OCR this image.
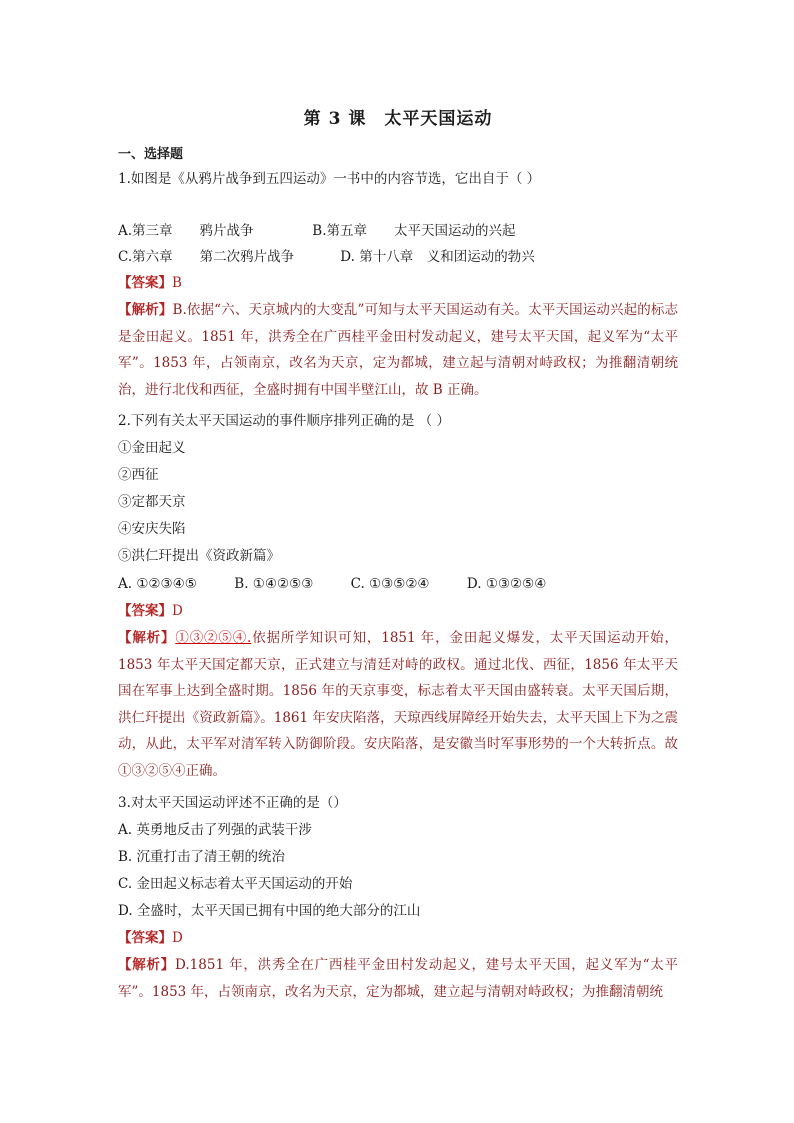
第 3 课　太平天国运动
一、选择题
1.如图是《从鸦片战争到五四运动》一书中的内容节选，它出自于（ ）
A.第三章　　鸦片战争	B.第五章　　太平天国运动的兴起
C.第六章　　第二次鸦片战争	D. 第十八章　义和团运动的勃兴
【答案】B
【解析】B.依据“六、天京城内的大变乱”可知与太平天国运动有关。太平天国运动兴起的标志是金田起义。1851 年，洪秀全在广西桂平金田村发动起义，建号太平天国，起义军为“太平军”。1853 年，占领南京，改名为天京，定为都城，建立起与清朝对峙政权；为推翻清朝统治，进行北伐和西征，全盛时拥有中国半壁江山，故 B 正确。
2.下列有关太平天国运动的事件顺序排列正确的是 （ ）
①金田起义
②西征
③定都天京
④安庆失陷
⑤洪仁玕提出《资政新篇》
A. ①②③④⑤	B. ①④②⑤③	C. ①③⑤②④	D. ①③②⑤④
【答案】D
【解析】①③②⑤④.依据所学知识可知，1851 年，金田起义爆发，太平天国运动开始，1853 年太平天国定都天京，正式建立与清廷对峙的政权。通过北伐、西征，1856 年太平天国在军事上达到全盛时期。1856 年的天京事变，标志着太平天国由盛转衰。太平天国后期，洪仁玕提出《资政新篇》。1861 年安庆陷落，天琼西线屏障经开始失去，太平天国上下为之震动，从此，太平军对清军转入防御阶段。安庆陷落，是安徽当时军事形势的一个大转折点。故①③②⑤④正确。
3.对太平天国运动评述不正确的是（）
A. 英勇地反击了列强的武装干涉
B. 沉重打击了清王朝的统治
C. 金田起义标志着太平天国运动的开始
D. 全盛时，太平天国已拥有中国的绝大部分的江山
【答案】D
【解析】D.1851 年，洪秀全在广西桂平金田村发动起义，建号太平天国，起义军为“太平军”。1853 年，占领南京，改名为天京，定为都城，建立起与清朝对峙政权；为推翻清朝统
